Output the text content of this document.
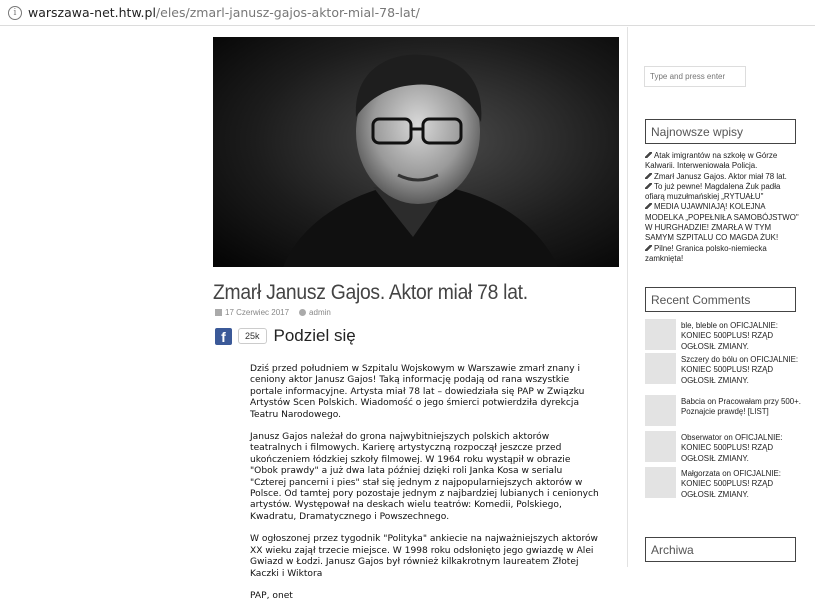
i warszawa-net.htw.pl /eles/zmarl-janusz-gajos-aktor-mial-78-lat/
Zmarł Janusz Gajos. Aktor miał 78 lat.
17 Czerwiec 2017	admin
f	25k Podziel się

Dziś przed południem w Szpitalu Wojskowym w Warszawie zmarł znany i ceniony aktor Janusz Gajos! Taką informację podają od rana wszystkie portale informacyjne. Artysta miał 78 lat – dowiedziała się PAP w Związku Artystów Scen Polskich. Wiadomość o jego śmierci potwierdziła dyrekcja Teatru Narodowego.

Janusz Gajos należał do grona najwybitniejszych polskich aktorów teatralnych i filmowych. Karierę artystyczną rozpoczął jeszcze przed ukończeniem łódzkiej szkoły filmowej. W 1964 roku wystąpił w obrazie "Obok prawdy" a już dwa lata później dzięki roli Janka Kosa w serialu "Czterej pancerni i pies" stał się jednym z najpopularniejszych aktorów w Polsce. Od tamtej pory pozostaje jednym z najbardziej lubianych i cenionych artystów. Występował na deskach wielu teatrów: Komedii, Polskiego, Kwadratu, Dramatycznego i Powszechnego.

W ogłoszonej przez tygodnik "Polityka" ankiecie na najważniejszych aktorów XX wieku zajął trzecie miejsce. W 1998 roku odsłonięto jego gwiazdę w Alei Gwiazd w Łodzi. Janusz Gajos był również kilkakrotnym laureatem Złotej Kaczki i Wiktora

PAP, onet

Type and press enter
Najnowsze wpisy
Atak imigrantów na szkołę w Górze Kalwarii. Interweniowała Policja.
Zmarł Janusz Gajos. Aktor miał 78 lat.
To już pewne! Magdalena Żuk padła ofiarą muzułmańskiej „RYTUAŁU"
MEDIA UJAWNIAJĄ! KOLEJNA MODELKA „POPEŁNIŁA SAMOBÓJSTWO" W HURGHADZIE! ZMARŁA W TYM SAMYM SZPITALU CO MAGDA ŻUK!
Pilne! Granica polsko-niemiecka zamknięta!
Recent Comments
ble, bleble on OFICJALNIE: KONIEC 500PLUS! RZĄD OGŁOSIŁ ZMIANY.
Szczery do bólu on OFICJALNIE: KONIEC 500PLUS! RZĄD OGŁOSIŁ ZMIANY.
Babcia on Pracowałam przy 500+. Poznajcie prawdę! [LIST]
Obserwator on OFICJALNIE: KONIEC 500PLUS! RZĄD OGŁOSIŁ ZMIANY.
Małgorzata on OFICJALNIE: KONIEC 500PLUS! RZĄD OGŁOSIŁ ZMIANY.
Archiwa
